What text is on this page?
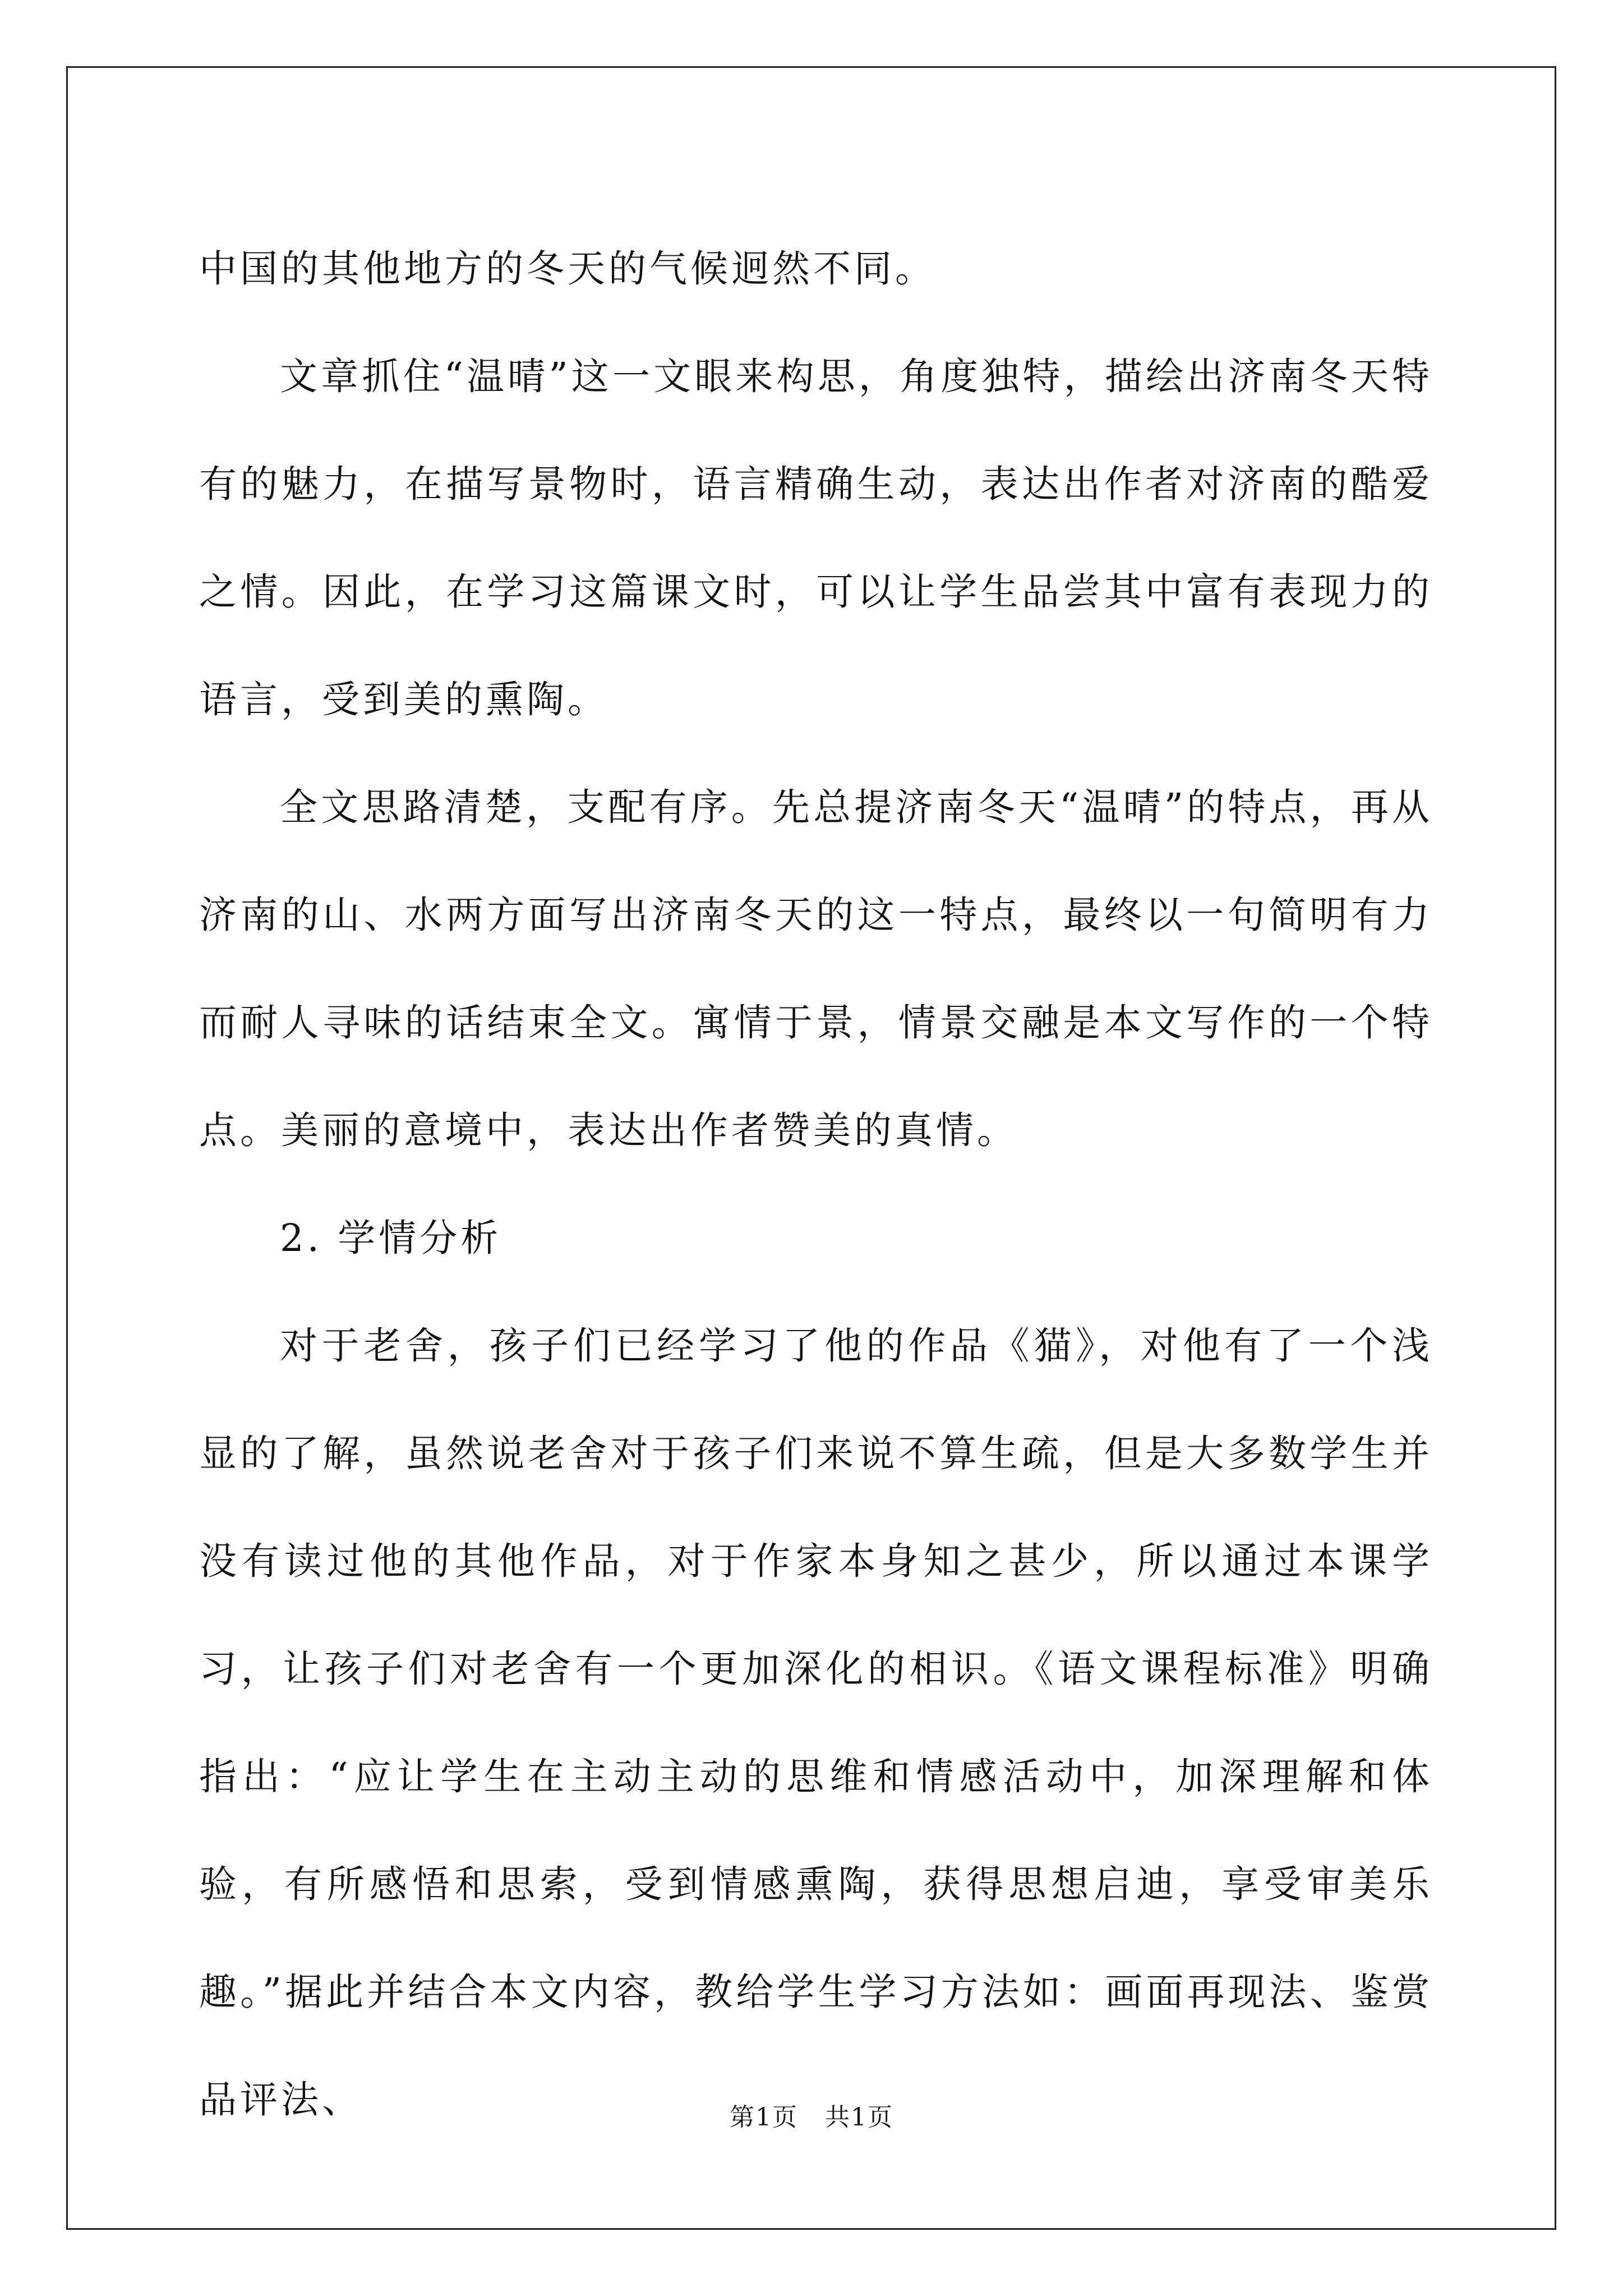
中国的其他地方的冬天的气候迥然不同。

文章抓住“温晴”这一文眼来构思，角度独特，描绘出济南冬天特有的魅力，在描写景物时，语言精确生动，表达出作者对济南的酷爱之情。因此，在学习这篇课文时，可以让学生品尝其中富有表现力的语言，受到美的熏陶。

全文思路清楚，支配有序。先总提济南冬天“温晴”的特点，再从济南的山、水两方面写出济南冬天的这一特点，最终以一句简明有力而耐人寻味的话结束全文。寓情于景，情景交融是本文写作的一个特点。美丽的意境中，表达出作者赞美的真情。

2. 学情分析

对于老舍，孩子们已经学习了他的作品《猫》，对他有了一个浅显的了解，虽然说老舍对于孩子们来说不算生疏，但是大多数学生并没有读过他的其他作品，对于作家本身知之甚少，所以通过本课学习，让孩子们对老舍有一个更加深化的相识。《语文课程标准》明确指出：“应让学生在主动主动的思维和情感活动中，加深理解和体验，有所感悟和思索，受到情感熏陶，获得思想启迪，享受审美乐趣。”据此并结合本文内容，教给学生学习方法如：画面再现法、鉴赏品评法、	第1页 共1页
